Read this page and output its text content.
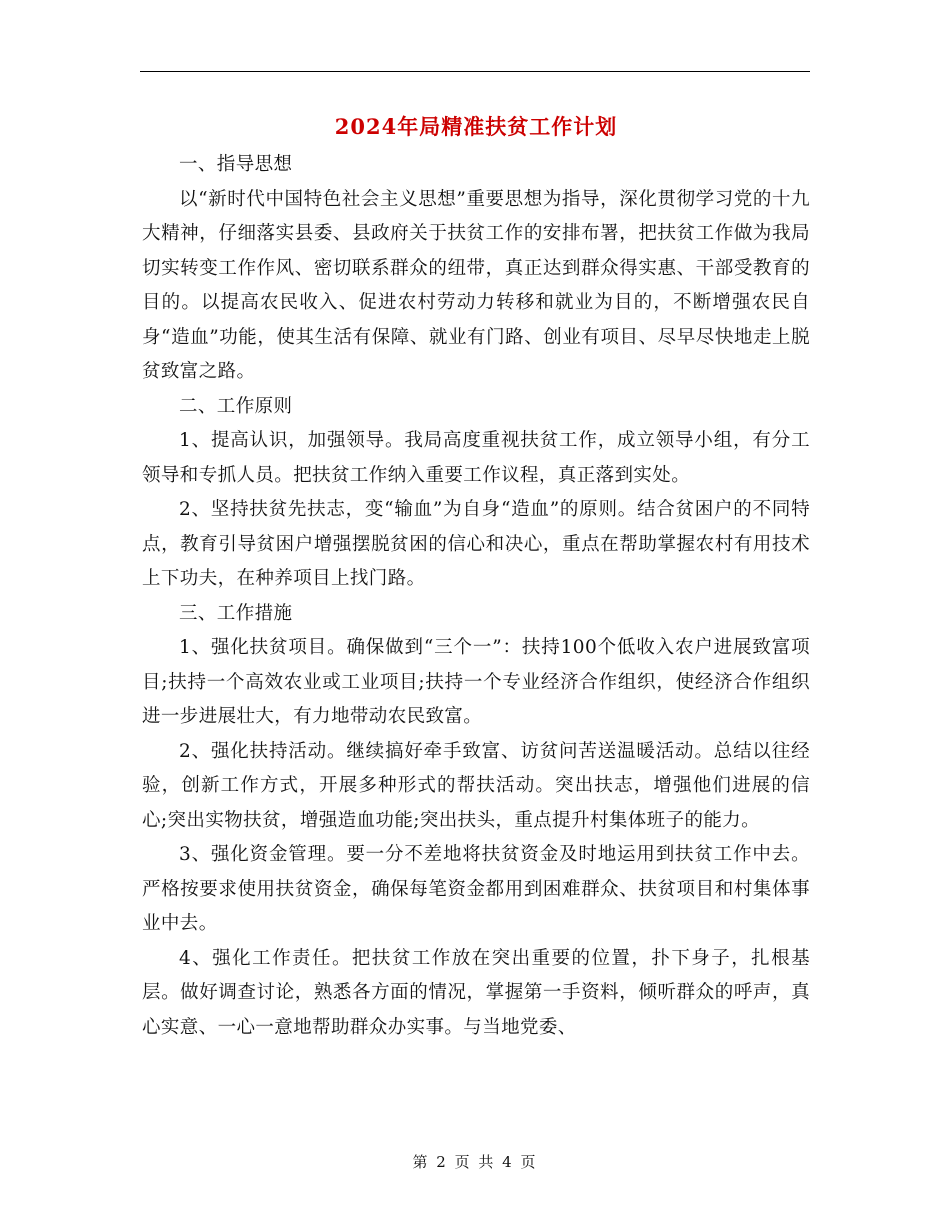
2024年局精准扶贫工作计划

一、指导思想

以“新时代中国特色社会主义思想”重要思想为指导，深化贯彻学习党的十九大精神，仔细落实县委、县政府关于扶贫工作的安排布署，把扶贫工作做为我局切实转变工作作风、密切联系群众的纽带，真正达到群众得实惠、干部受教育的目的。以提高农民收入、促进农村劳动力转移和就业为目的，不断增强农民自身“造血”功能，使其生活有保障、就业有门路、创业有项目、尽早尽快地走上脱贫致富之路。

二、工作原则

1、提高认识，加强领导。我局高度重视扶贫工作，成立领导小组，有分工领导和专抓人员。把扶贫工作纳入重要工作议程，真正落到实处。

2、坚持扶贫先扶志，变“输血”为自身“造血”的原则。结合贫困户的不同特点，教育引导贫困户增强摆脱贫困的信心和决心，重点在帮助掌握农村有用技术上下功夫，在种养项目上找门路。

三、工作措施

1、强化扶贫项目。确保做到“三个一”：扶持100个低收入农户进展致富项目;扶持一个高效农业或工业项目;扶持一个专业经济合作组织，使经济合作组织进一步进展壮大，有力地带动农民致富。

2、强化扶持活动。继续搞好牵手致富、访贫问苦送温暖活动。总结以往经验，创新工作方式，开展多种形式的帮扶活动。突出扶志，增强他们进展的信心;突出实物扶贫，增强造血功能;突出扶头，重点提升村集体班子的能力。

3、强化资金管理。要一分不差地将扶贫资金及时地运用到扶贫工作中去。严格按要求使用扶贫资金，确保每笔资金都用到困难群众、扶贫项目和村集体事业中去。

4、强化工作责任。把扶贫工作放在突出重要的位置，扑下身子，扎根基层。做好调查讨论，熟悉各方面的情况，掌握第一手资料，倾听群众的呼声，真心实意、一心一意地帮助群众办实事。与当地党委、

第 2 页 共 4 页
